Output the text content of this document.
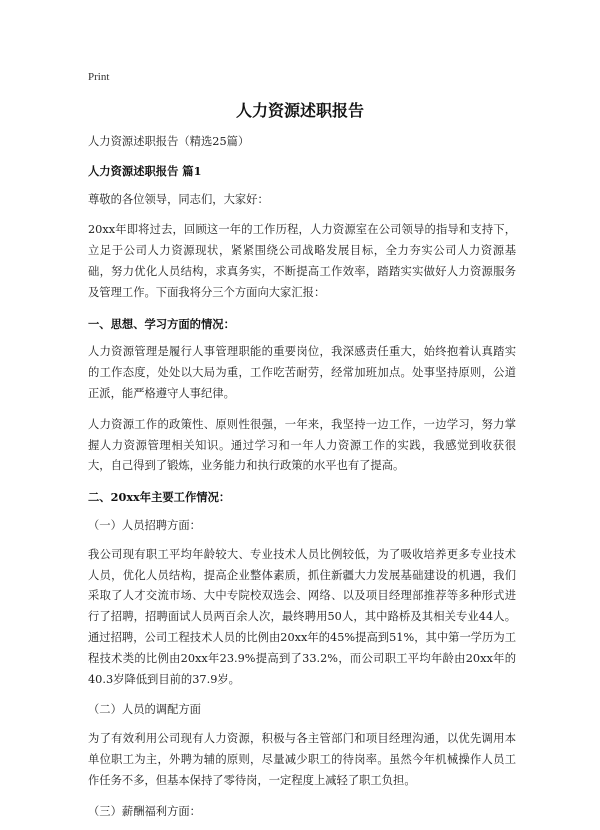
Print
人力资源述职报告

人力资源述职报告（精选25篇）

人力资源述职报告 篇1

尊敬的各位领导，同志们，大家好：

20xx年即将过去，回顾这一年的工作历程，人力资源室在公司领导的指导和支持下，立足于公司人力资源现状，紧紧围绕公司战略发展目标，全力夯实公司人力资源基础，努力优化人员结构，求真务实，不断提高工作效率，踏踏实实做好人力资源服务及管理工作。下面我将分三个方面向大家汇报：

一、思想、学习方面的情况：

人力资源管理是履行人事管理职能的重要岗位，我深感责任重大，始终抱着认真踏实的工作态度，处处以大局为重，工作吃苦耐劳，经常加班加点。处事坚持原则，公道正派，能严格遵守人事纪律。

人力资源工作的政策性、原则性很强，一年来，我坚持一边工作，一边学习，努力掌握人力资源管理相关知识。通过学习和一年人力资源工作的实践，我感觉到收获很大，自己得到了锻炼，业务能力和执行政策的水平也有了提高。

二、20xx年主要工作情况：

（一）人员招聘方面：

我公司现有职工平均年龄较大、专业技术人员比例较低，为了吸收培养更多专业技术人员，优化人员结构，提高企业整体素质，抓住新疆大力发展基础建设的机遇，我们采取了人才交流市场、大中专院校双选会、网络、以及项目经理部推荐等多种形式进行了招聘，招聘面试人员两百余人次，最终聘用50人，其中路桥及其相关专业44人。通过招聘，公司工程技术人员的比例由20xx年的45%提高到51%，其中第一学历为工程技术类的比例由20xx年23.9%提高到了33.2%，而公司职工平均年龄由20xx年的40.3岁降低到目前的37.9岁。

（二）人员的调配方面

为了有效利用公司现有人力资源，积极与各主管部门和项目经理沟通，以优先调用本单位职工为主，外聘为辅的原则，尽量减少职工的待岗率。虽然今年机械操作人员工作任务不多，但基本保持了零待岗，一定程度上减轻了职工负担。

（三）薪酬福利方面：
